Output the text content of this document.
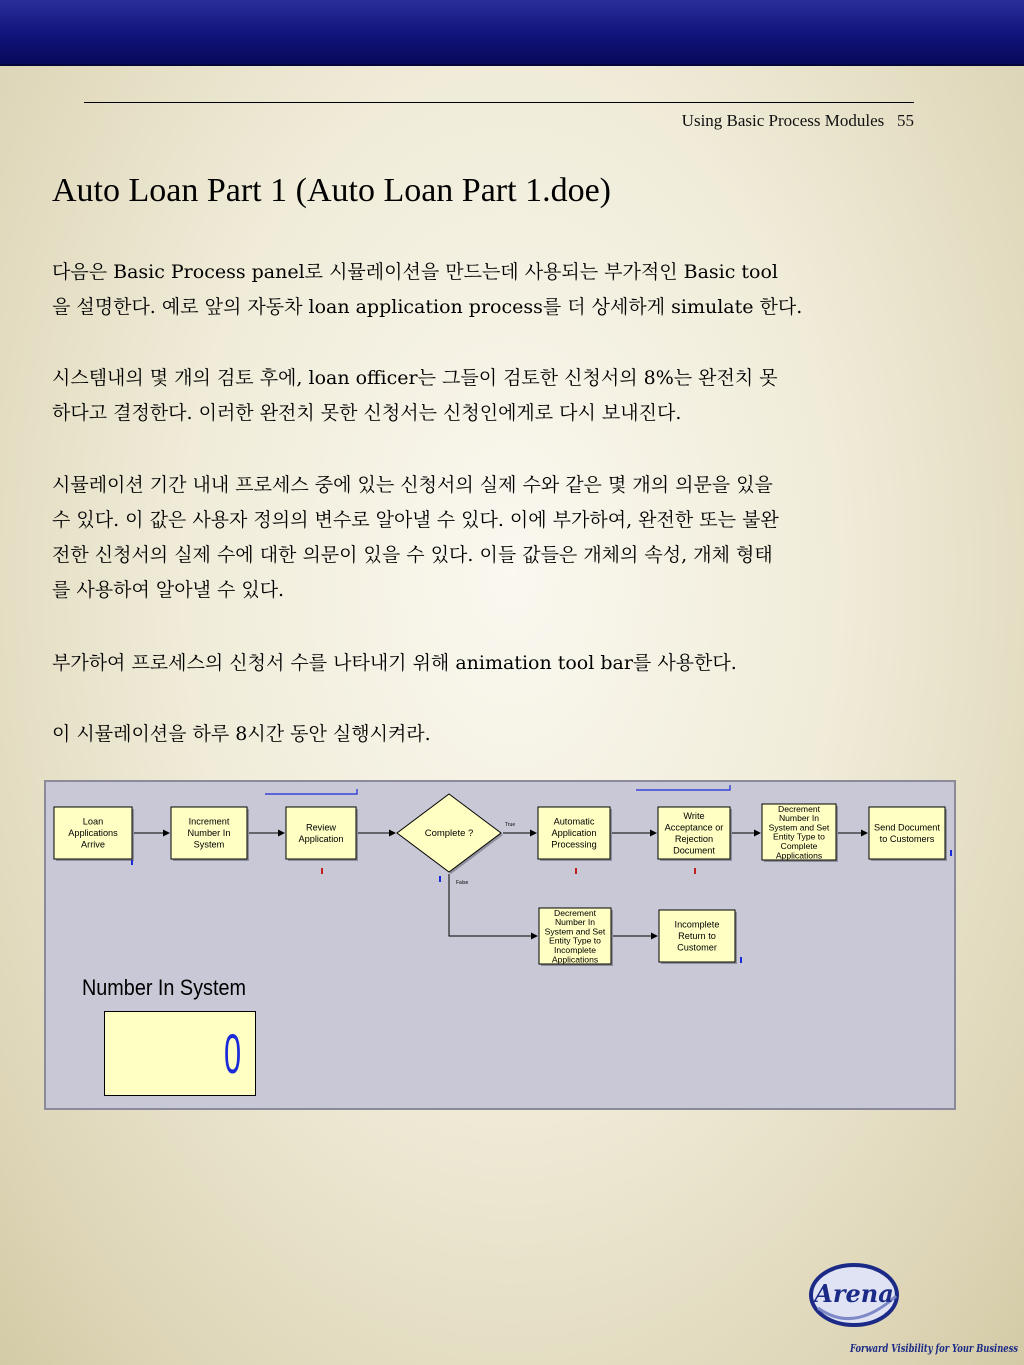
Using Basic Process Modules   55
Auto Loan Part 1 (Auto Loan Part 1.doe)

다음은 Basic Process panel로 시뮬레이션을 만드는데 사용되는 부가적인 Basic tool
을 설명한다. 예로 앞의 자동차 loan application process를 더 상세하게 simulate 한다.

시스템내의 몇 개의 검토 후에, loan officer는 그들이 검토한 신청서의 8%는 완전치 못
하다고 결정한다. 이러한 완전치 못한 신청서는 신청인에게로 다시 보내진다.

시뮬레이션 기간 내내 프로세스 중에 있는 신청서의 실제 수와 같은 몇 개의 의문을 있을
수 있다. 이 값은 사용자 정의의 변수로 알아낼 수 있다. 이에 부가하여, 완전한 또는 불완
전한 신청서의 실제 수에 대한 의문이 있을 수 있다. 이들 값들은 개체의 속성, 개체 형태
를 사용하여 알아낼 수 있다.

부가하여 프로세스의 신청서 수를 나타내기 위해 animation tool bar를 사용한다.

이 시뮬레이션을 하루 8시간 동안 실행시켜라.

Loan
Applications
Arrive
Increment
Number In
System
Review
Application
Automatic
Application
Processing
Write
Acceptance or
Rejection
Document
Decrement
Number In
System and Set
Entity Type to
Complete
Applications
Send Document
to Customers
Decrement
Number In
System and Set
Entity Type to
Incomplete
Applications
Incomplete
Return to
Customer
Complete ?
True
False
Number In System
0
Arena
Forward Visibility for Your Business
